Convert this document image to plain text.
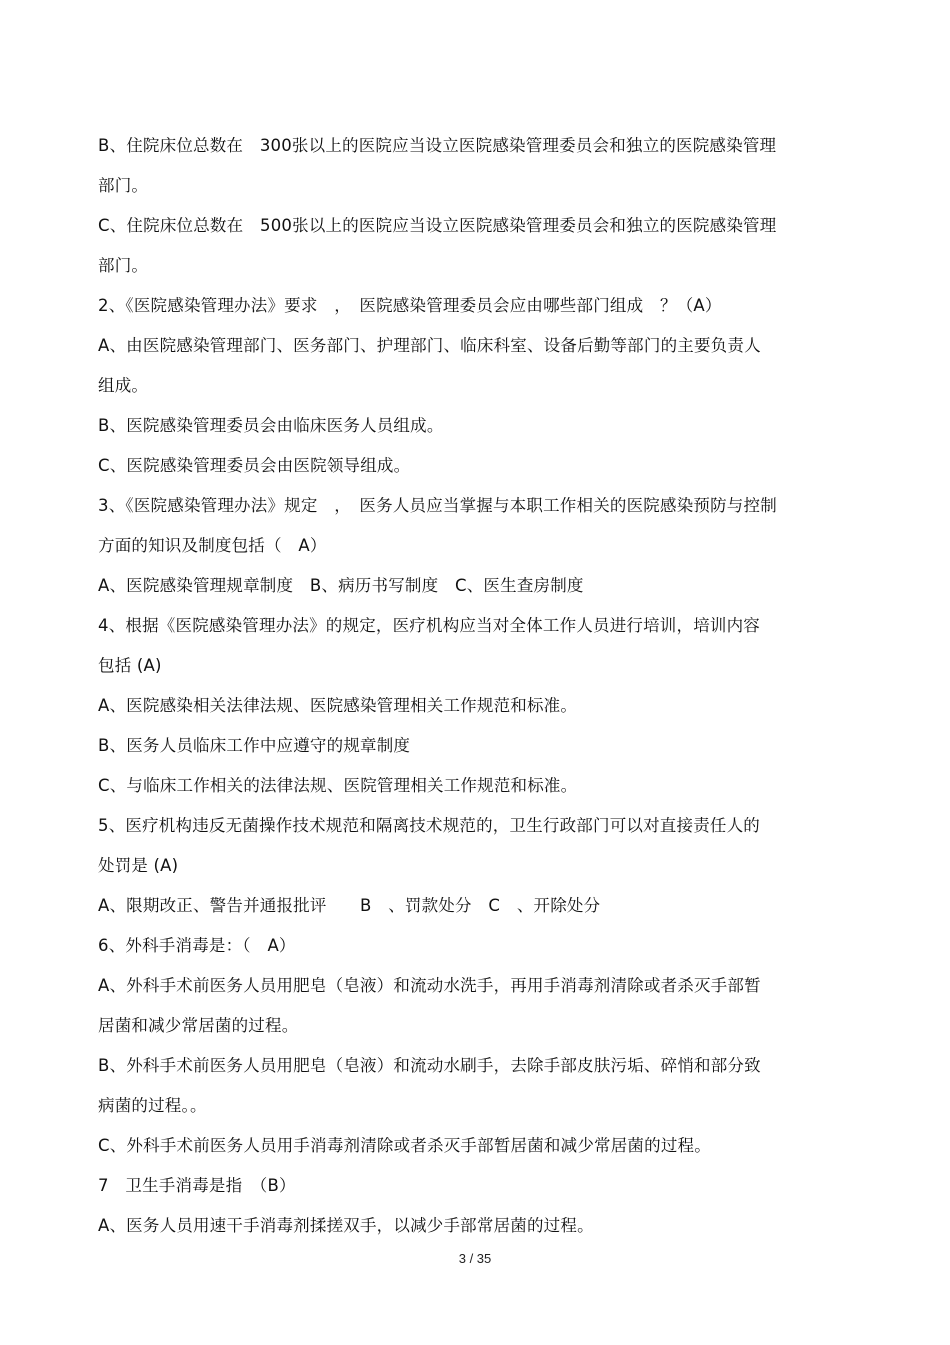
B、住院床位总数在　300张以上的医院应当设立医院感染管理委员会和独立的医院感染管理
部门。
C、住院床位总数在　500张以上的医院应当设立医院感染管理委员会和独立的医院感染管理
部门。
2、《医院感染管理办法》要求　，　医院感染管理委员会应由哪些部门组成　？（A）
A、由医院感染管理部门、医务部门、护理部门、临床科室、设备后勤等部门的主要负责人
组成。
B、医院感染管理委员会由临床医务人员组成。
C、医院感染管理委员会由医院领导组成。
3、《医院感染管理办法》规定　，　医务人员应当掌握与本职工作相关的医院感染预防与控制
方面的知识及制度包括（　A）
A、医院感染管理规章制度　B、病历书写制度　C、医生查房制度
4、根据《医院感染管理办法》的规定，医疗机构应当对全体工作人员进行培训，培训内容
包括 (A)
A、医院感染相关法律法规、医院感染管理相关工作规范和标准。
B、医务人员临床工作中应遵守的规章制度
C、与临床工作相关的法律法规、医院管理相关工作规范和标准。
5、医疗机构违反无菌操作技术规范和隔离技术规范的，卫生行政部门可以对直接责任人的
处罚是 (A)
A、限期改正、警告并通报批评　　B　、罚款处分　C　、开除处分
6、外科手消毒是：（　A）
A、外科手术前医务人员用肥皂（皂液）和流动水洗手，再用手消毒剂清除或者杀灭手部暂
居菌和减少常居菌的过程。
B、外科手术前医务人员用肥皂（皂液）和流动水刷手，去除手部皮肤污垢、碎悄和部分致
病菌的过程。。
C、外科手术前医务人员用手消毒剂清除或者杀灭手部暂居菌和减少常居菌的过程。
7　卫生手消毒是指　（B）
A、医务人员用速干手消毒剂揉搓双手，以减少手部常居菌的过程。
3 / 35
